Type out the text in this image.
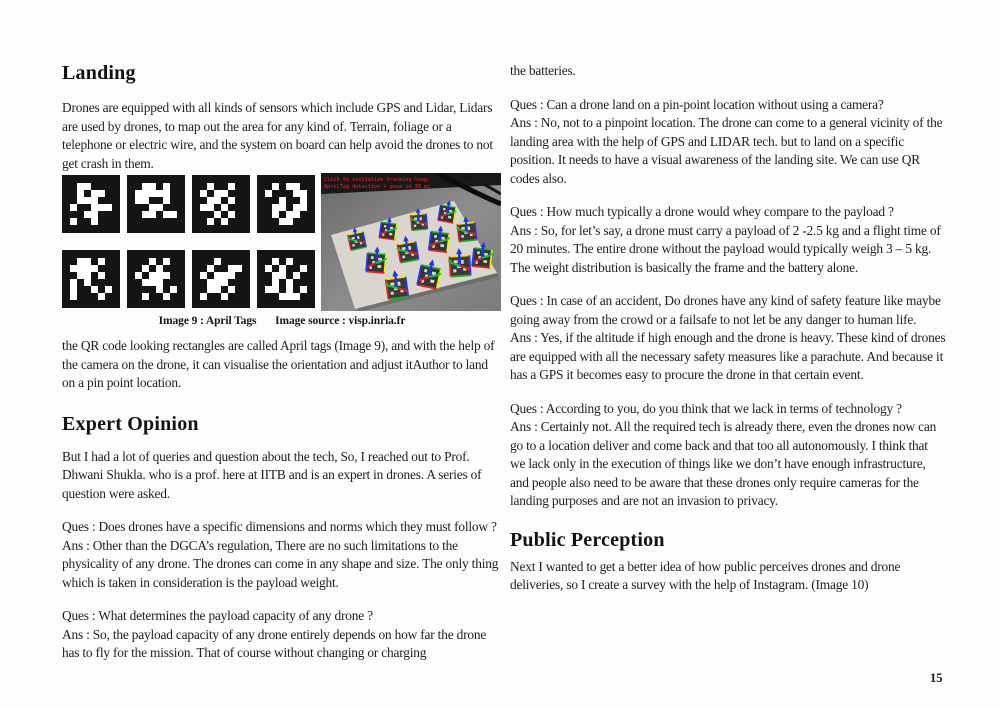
Landing

Drones are equipped with all kinds of sensors which include GPS and Lidar, Lidars are used by drones, to map out the area for any kind of. Terrain, foliage or a telephone or electric wire, and the system on board can help avoid the drones to not get crash in them.

Click to initialize tracking loop,
AprilTag detection + pose in 30 ms
Image 9 : April Tags Image source : visp.inria.fr

the QR code looking rectangles are called April tags (Image 9), and with the help of the camera on the drone, it can visualise the orientation and adjust itAuthor to land on a pin point location.

Expert Opinion

But I had a lot of queries and question about the tech, So, I reached out to Prof. Dhwani Shukla. who is a prof. here at IITB and is an expert in drones. A series of question were asked.

Ques : Does drones have a specific dimensions and norms which they must follow ?

Ans : Other than the DGCA’s regulation, There are no such limitations to the physicality of any drone. The drones can come in any shape and size. The only thing which is taken in consideration is the payload weight.

Ques : What determines the payload capacity of any drone ?

Ans : So, the payload capacity of any drone entirely depends on how far the drone has to fly for the mission. That of course without changing or charging

the batteries.

Ques : Can a drone land on a pin-point location without using a camera?

Ans : No, not to a pinpoint location. The drone can come to a general vicinity of the landing area with the help of GPS and LIDAR tech. but to land on a specific position. It needs to have a visual awareness of the landing site. We can use QR codes also.

Ques : How much typically a drone would whey compare to the payload ?

Ans : So, for let’s say, a drone must carry a payload of 2 -2.5 kg and a flight time of 20 minutes. The entire drone without the payload would typically weigh 3 – 5 kg. The weight distribution is basically the frame and the battery alone.

Ques : In case of an accident, Do drones have any kind of safety feature like maybe going away from the crowd or a failsafe to not let be any danger to human life.

Ans : Yes, if the altitude if high enough and the drone is heavy. These kind of drones are equipped with all the necessary safety measures like a parachute. And because it has a GPS it becomes easy to procure the drone in that certain event.

Ques : According to you, do you think that we lack in terms of technology ?

Ans : Certainly not. All the required tech is already there, even the drones now can go to a location deliver and come back and that too all autonomously. I think that we lack only in the execution of things like we don’t have enough infrastructure, and people also need to be aware that these drones only require cameras for the landing purposes and are not an invasion to privacy.

Public Perception

Next I wanted to get a better idea of how public perceives drones and drone deliveries, so I create a survey with the help of Instagram. (Image 10)

15
